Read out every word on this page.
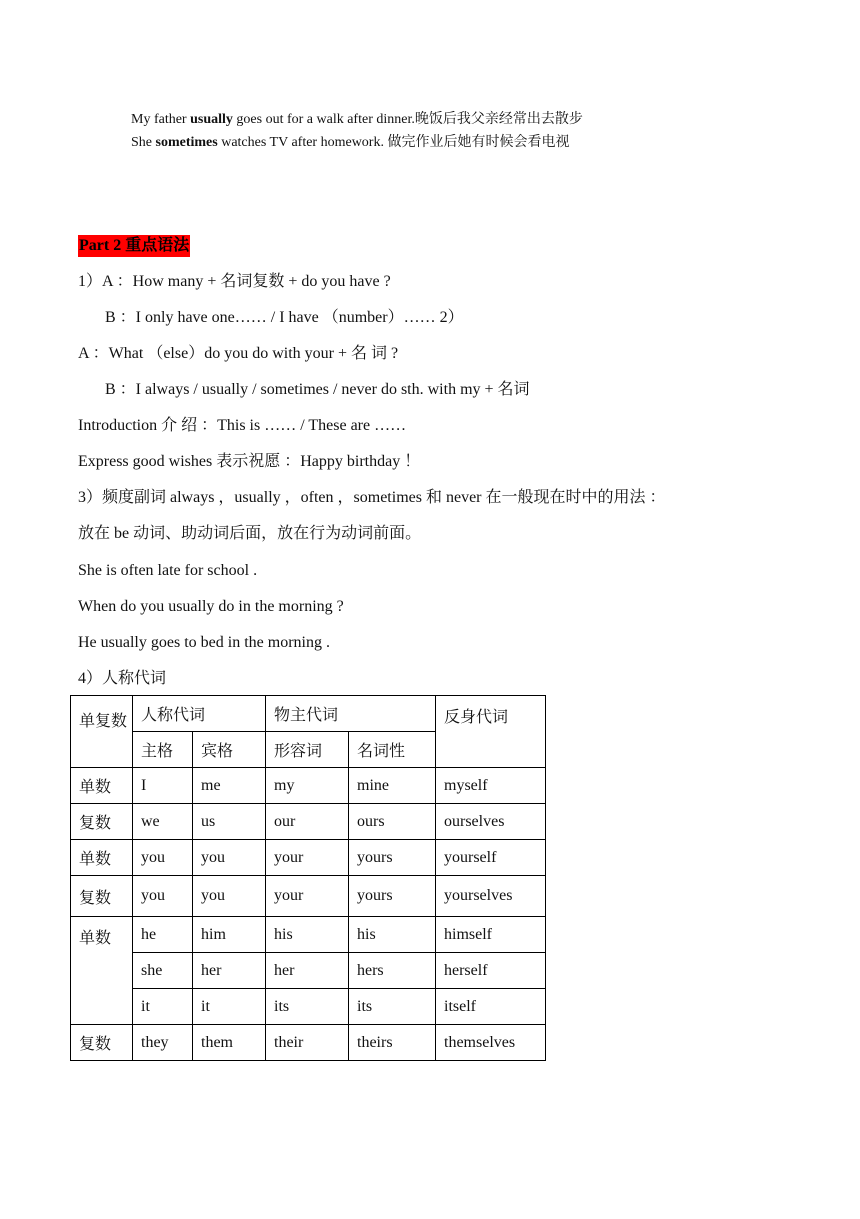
My father usually goes out for a walk after dinner.晚饭后我父亲经常出去散步
She sometimes watches TV after homework. 做完作业后她有时候会看电视
Part 2 重点语法
1）A ：How many + 名词复数 + do you have ?
B ：I only have one…… / I have （number）…… 2）
A ：What （else）do you do with your + 名 词 ?
B ：I always / usually / sometimes / never do sth. with my + 名词
Introduction 介 绍 ：This is …… / These are ……
Express good wishes 表示祝愿 ：Happy birthday ！
3）频度副词 always ，usually ，often ，sometimes 和 never 在一般现在时中的用法 ：
放在 be 动词、助动词后面，放在行为动词前面。
She is often late for school .
When do you usually do in the morning ?
He usually goes to bed in the morning .
4）人称代词
单复数	人称代词		物主代词		反身代词
	主格	宾格	形容词	名词性	
单数	I	me	my	mine	myself
复数	we	us	our	ours	ourselves
单数	you	you	your	yours	yourself
复数	you	you	your	yours	yourselves
单数	he	him	his	his	himself
	she	her	her	hers	herself
	it	it	its	its	itself
复数	they	them	their	theirs	themselves
